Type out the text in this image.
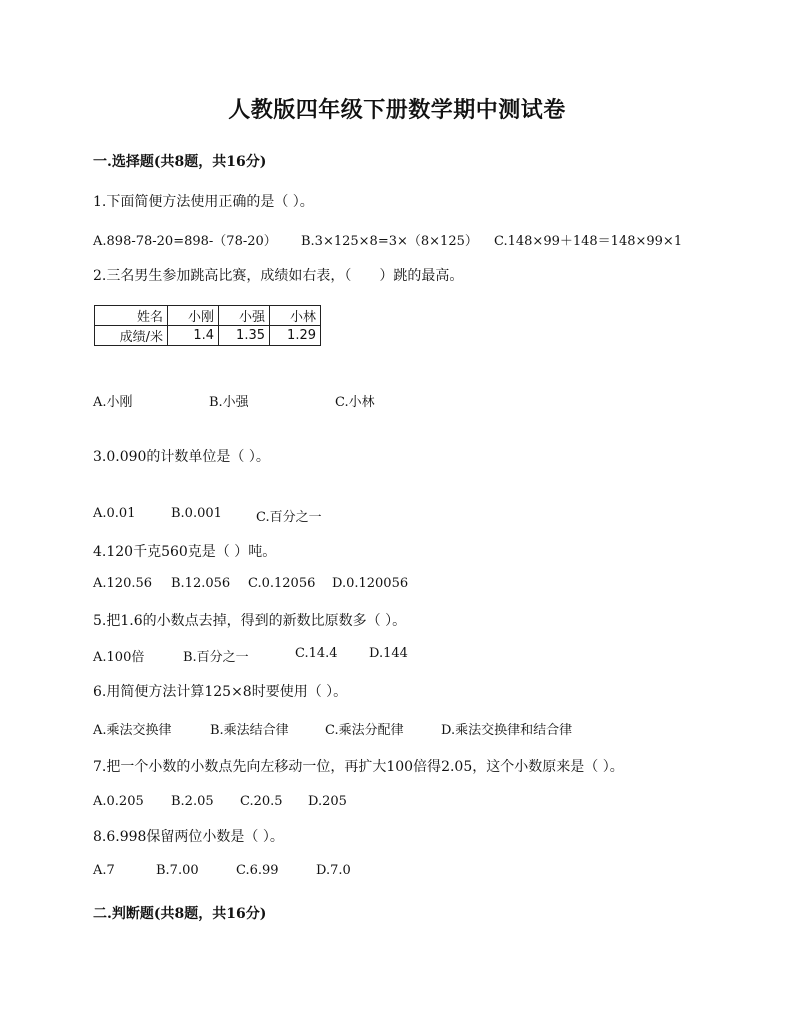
人教版四年级下册数学期中测试卷
一.选择题(共8题，共16分)
1.下面简便方法使用正确的是（ ）。
A.898-78-20=898-（78-20） B.3×125×8=3×（8×125） C.148×99＋148＝148×99×1
2.三名男生参加跳高比赛，成绩如右表，（　　）跳的最高。
姓名	小刚	小强	小林
成绩/米	1.4	1.35	1.29
A.小刚	B.小强	C.小林
3.0.090的计数单位是（ ）。
A.0.01	B.0.001	C.百分之一
4.120千克560克是（ ）吨。
A.120.56 B.12.056 C.0.12056 D.0.120056
5.把1.6的小数点去掉，得到的新数比原数多（ ）。
A.100倍	B.百分之一	C.14.4 D.144
6.用简便方法计算125×8时要使用（ ）。
A.乘法交换律	B.乘法结合律	C.乘法分配律	D.乘法交换律和结合律
7.把一个小数的小数点先向左移动一位，再扩大100倍得2.05，这个小数原来是（ ）。
A.0.205 B.2.05 C.20.5 D.205
8.6.998保留两位小数是（ ）。
A.7	B.7.00	C.6.99	D.7.0
二.判断题(共8题，共16分)
